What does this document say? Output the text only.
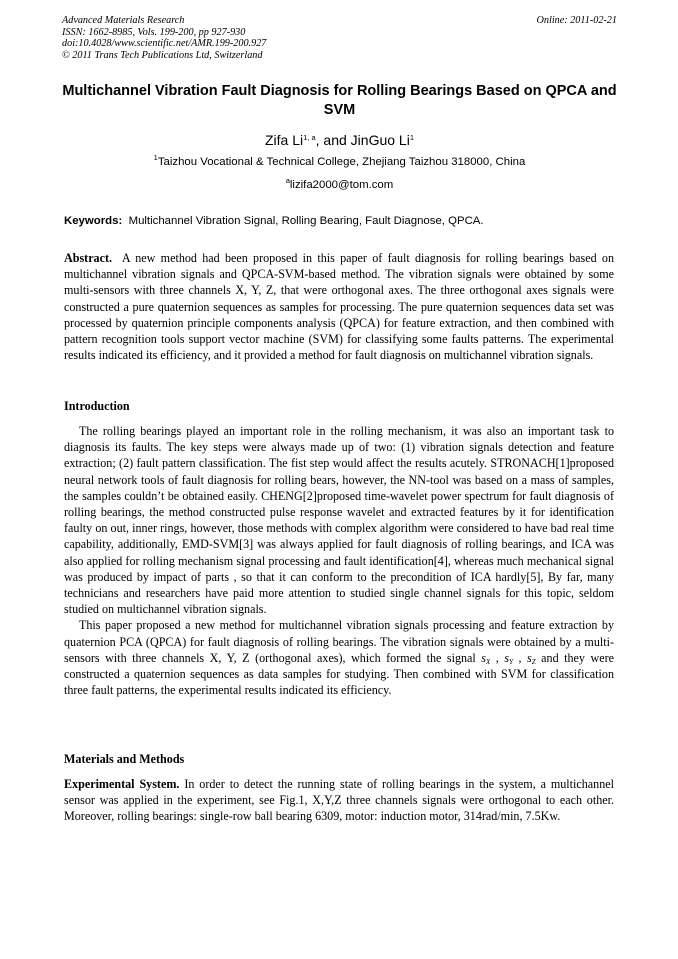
Advanced Materials Research
ISSN: 1662-8985, Vols. 199-200, pp 927-930
doi:10.4028/www.scientific.net/AMR.199-200.927
© 2011 Trans Tech Publications Ltd, Switzerland
Online: 2011-02-21
Multichannel Vibration Fault Diagnosis for Rolling Bearings Based on QPCA and SVM
Zifa Li$^{1, a}$, and JinGuo Li$^1$
$^1$Taizhou Vocational & Technical College, Zhejiang Taizhou 318000, China
$^a$lizifa2000@tom.com
Keywords: Multichannel Vibration Signal, Rolling Bearing, Fault Diagnose, QPCA.

Abstract. A new method had been proposed in this paper of fault diagnosis for rolling bearings based on multichannel vibration signals and QPCA-SVM-based method. The vibration signals were obtained by some multi-sensors with three channels X, Y, Z, that were orthogonal axes. The three orthogonal axes signals were constructed a pure quaternion sequences as samples for processing. The pure quaternion sequences data set was processed by quaternion principle components analysis (QPCA) for feature extraction, and then combined with pattern recognition tools support vector machine (SVM) for classifying some faults patterns. The experimental results indicated its efficiency, and it provided a method for fault diagnosis on multichannel vibration signals.

Introduction

The rolling bearings played an important role in the rolling mechanism, it was also an important task to diagnosis its faults. The key steps were always made up of two: (1) vibration signals detection and feature extraction; (2) fault pattern classification. The fist step would affect the results acutely. STRONACH[1]proposed neural network tools of fault diagnosis for rolling bears, however, the NN-tool was based on a mass of samples, the samples couldn’t be obtained easily. CHENG[2]proposed time-wavelet power spectrum for fault diagnosis of rolling bearings, the method constructed pulse response wavelet and extracted features by it for identification faulty on out, inner rings, however, those methods with complex algorithm were considered to have bad real time capability, additionally, EMD-SVM[3] was always applied for fault diagnosis of rolling bearings, and ICA was also applied for rolling mechanism signal processing and fault identification[4], whereas much mechanical signal was produced by impact of parts , so that it can conform to the precondition of ICA hardly[5], By far, many technicians and researchers have paid more attention to studied single channel signals for this topic, seldom studied on multichannel vibration signals.

This paper proposed a new method for multichannel vibration signals processing and feature extraction by quaternion PCA (QPCA) for fault diagnosis of rolling bearings. The vibration signals were obtained by a multi-sensors with three channels X, Y, Z (orthogonal axes), which formed the signal $s_X$ , $s_Y$ , $s_Z$ and they were constructed a quaternion sequences as data samples for studying. Then combined with SVM for classification three fault patterns, the experimental results indicated its efficiency.

Materials and Methods

Experimental System. In order to detect the running state of rolling bearings in the system, a multichannel sensor was applied in the experiment, see Fig.1, X,Y,Z three channels signals were orthogonal to each other. Moreover, rolling bearings: single-row ball bearing 6309, motor: induction motor, 314rad/min, 7.5Kw.
